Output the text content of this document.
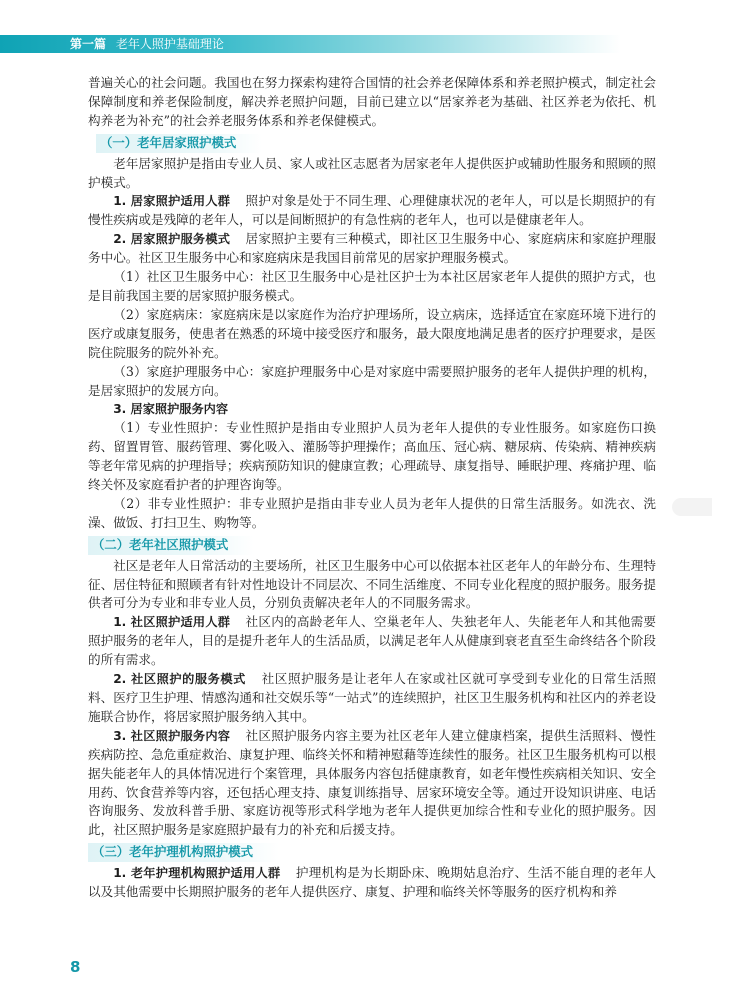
第一篇 老年人照护基础理论

普遍关心的社会问题。我国也在努力探索构建符合国情的社会养老保障体系和养老照护模式，制定社会保障制度和养老保险制度，解决养老照护问题，目前已建立以“居家养老为基础、社区养老为依托、机构养老为补充”的社会养老服务体系和养老保健模式。

（一）老年居家照护模式

老年居家照护是指由专业人员、家人或社区志愿者为居家老年人提供医护或辅助性服务和照顾的照护模式。

1. 居家照护适用人群 照护对象是处于不同生理、心理健康状况的老年人，可以是长期照护的有慢性疾病或是残障的老年人，可以是间断照护的有急性病的老年人，也可以是健康老年人。

2. 居家照护服务模式 居家照护主要有三种模式，即社区卫生服务中心、家庭病床和家庭护理服务中心。社区卫生服务中心和家庭病床是我国目前常见的居家护理服务模式。

（1）社区卫生服务中心：社区卫生服务中心是社区护士为本社区居家老年人提供的照护方式，也是目前我国主要的居家照护服务模式。

（2）家庭病床：家庭病床是以家庭作为治疗护理场所，设立病床，选择适宜在家庭环境下进行的医疗或康复服务，使患者在熟悉的环境中接受医疗和服务，最大限度地满足患者的医疗护理要求，是医院住院服务的院外补充。

（3）家庭护理服务中心：家庭护理服务中心是对家庭中需要照护服务的老年人提供护理的机构，是居家照护的发展方向。

3. 居家照护服务内容

（1）专业性照护：专业性照护是指由专业照护人员为老年人提供的专业性服务。如家庭伤口换药、留置胃管、服药管理、雾化吸入、灌肠等护理操作；高血压、冠心病、糖尿病、传染病、精神疾病等老年常见病的护理指导；疾病预防知识的健康宣教；心理疏导、康复指导、睡眠护理、疼痛护理、临终关怀及家庭看护者的护理咨询等。

（2）非专业性照护：非专业照护是指由非专业人员为老年人提供的日常生活服务。如洗衣、洗澡、做饭、打扫卫生、购物等。

（二）老年社区照护模式

社区是老年人日常活动的主要场所，社区卫生服务中心可以依据本社区老年人的年龄分布、生理特征、居住特征和照顾者有针对性地设计不同层次、不同生活维度、不同专业化程度的照护服务。服务提供者可分为专业和非专业人员，分别负责解决老年人的不同服务需求。

1. 社区照护适用人群 社区内的高龄老年人、空巢老年人、失独老年人、失能老年人和其他需要照护服务的老年人，目的是提升老年人的生活品质，以满足老年人从健康到衰老直至生命终结各个阶段的所有需求。

2. 社区照护的服务模式 社区照护服务是让老年人在家或社区就可享受到专业化的日常生活照料、医疗卫生护理、情感沟通和社交娱乐等“一站式”的连续照护，社区卫生服务机构和社区内的养老设施联合协作，将居家照护服务纳入其中。

3. 社区照护服务内容 社区照护服务内容主要为社区老年人建立健康档案，提供生活照料、慢性疾病防控、急危重症救治、康复护理、临终关怀和精神慰藉等连续性的服务。社区卫生服务机构可以根据失能老年人的具体情况进行个案管理，具体服务内容包括健康教育，如老年慢性疾病相关知识、安全用药、饮食营养等内容，还包括心理支持、康复训练指导、居家环境安全等。通过开设知识讲座、电话咨询服务、发放科普手册、家庭访视等形式科学地为老年人提供更加综合性和专业化的照护服务。因此，社区照护服务是家庭照护最有力的补充和后援支持。

（三）老年护理机构照护模式

1. 老年护理机构照护适用人群 护理机构是为长期卧床、晚期姑息治疗、生活不能自理的老年人以及其他需要中长期照护服务的老年人提供医疗、康复、护理和临终关怀等服务的医疗机构和养

8
